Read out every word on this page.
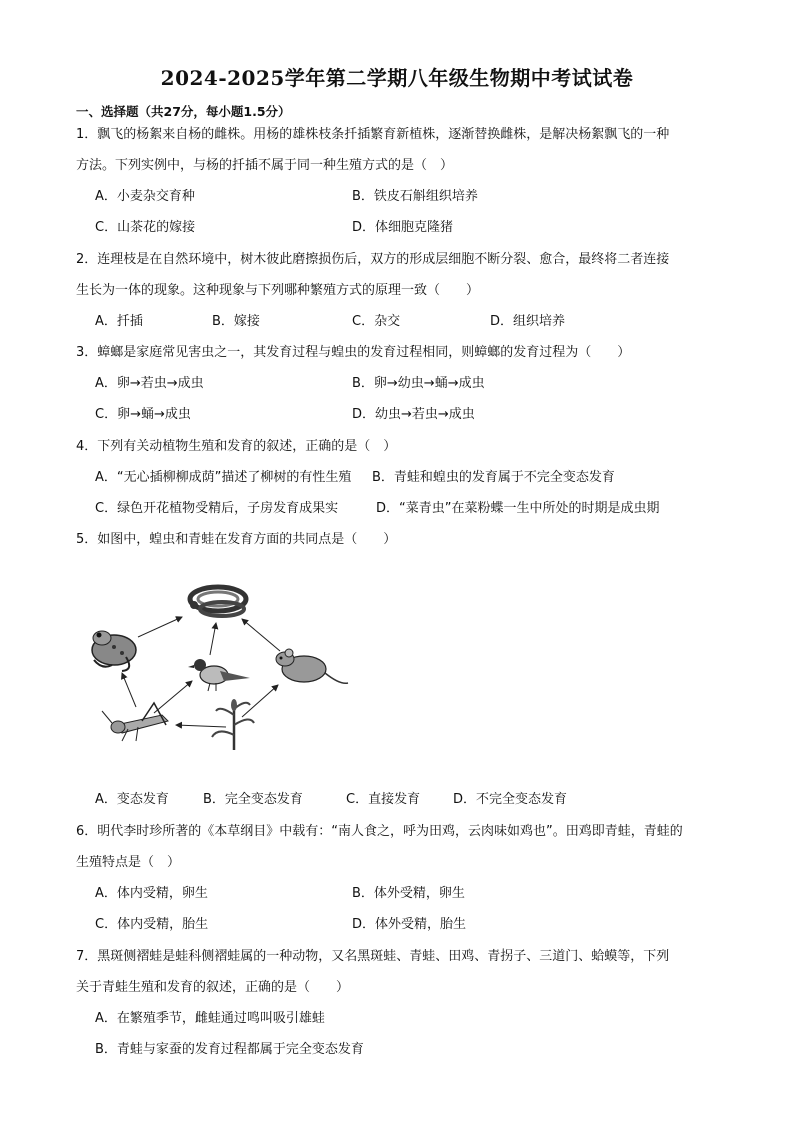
2024-2025学年第二学期八年级生物期中考试试卷
一、选择题（共27分，每小题1.5分）
1．飘飞的杨絮来自杨的雌株。用杨的雄株枝条扦插繁育新植株，逐渐替换雌株，是解决杨絮飘飞的一种
方法。下列实例中，与杨的扦插不属于同一种生殖方式的是（　）
A．小麦杂交育种	B．铁皮石斛组织培养
C．山茶花的嫁接	D．体细胞克隆猪
2．连理枝是在自然环境中，树木彼此磨擦损伤后，双方的形成层细胞不断分裂、愈合，最终将二者连接
生长为一体的现象。这种现象与下列哪种繁殖方式的原理一致（　　）
A．扦插	B．嫁接	C．杂交	D．组织培养
3．蟑螂是家庭常见害虫之一，其发育过程与蝗虫的发育过程相同，则蟑螂的发育过程为（　　）
A．卵→若虫→成虫	B．卵→幼虫→蛹→成虫
C．卵→蛹→成虫	D．幼虫→若虫→成虫
4．下列有关动植物生殖和发育的叙述，正确的是（　）
A．“无心插柳柳成荫”描述了柳树的有性生殖 B．青蛙和蝗虫的发育属于不完全变态发育
C．绿色开花植物受精后，子房发育成果实	D．“菜青虫”在菜粉蝶一生中所处的时期是成虫期
5．如图中，蝗虫和青蛙在发育方面的共同点是（　　）
A．变态发育	B．完全变态发育	C．直接发育	D．不完全变态发育
6．明代李时珍所著的《本草纲目》中载有：“南人食之，呼为田鸡，云肉味如鸡也”。田鸡即青蛙，青蛙的
生殖特点是（　）
A．体内受精，卵生	B．体外受精，卵生
C．体内受精，胎生	D．体外受精，胎生
7．黑斑侧褶蛙是蛙科侧褶蛙属的一种动物，又名黑斑蛙、青蛙、田鸡、青拐子、三道门、蛤蟆等，下列
关于青蛙生殖和发育的叙述，正确的是（　　）
A．在繁殖季节，雌蛙通过鸣叫吸引雄蛙
B．青蛙与家蚕的发育过程都属于完全变态发育
